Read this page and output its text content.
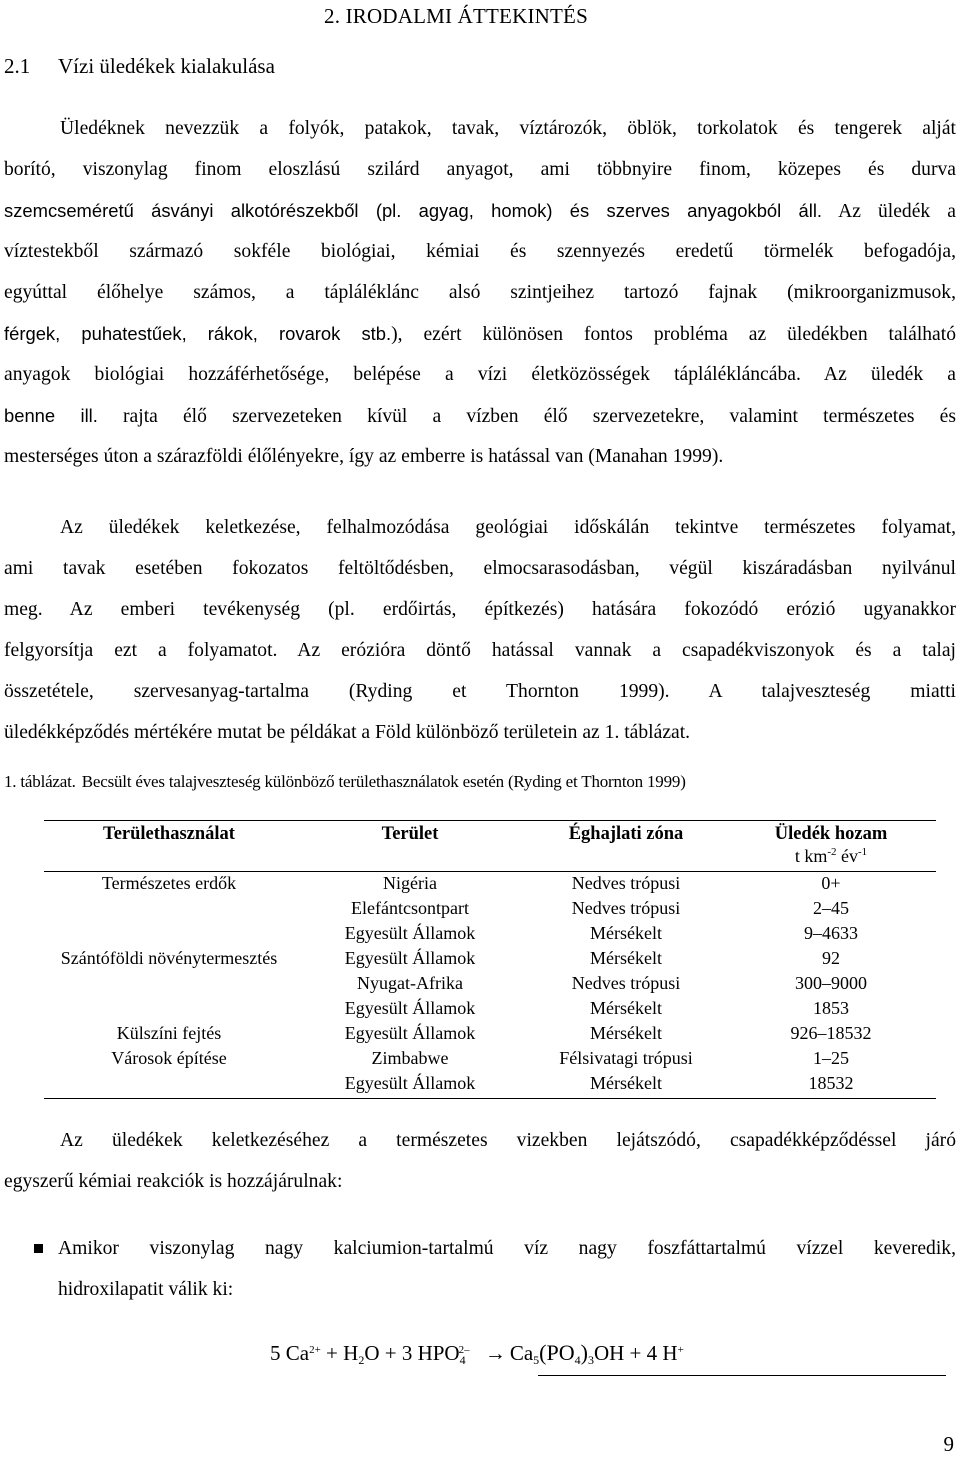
2. IRODALMI ÁTTEKINTÉS
2.1 Vízi üledékek kialakulása
Üledéknek nevezzük a folyók, patakok, tavak, víztározók, öblök, torkolatok és tengerek alját
borító, viszonylag finom eloszlású szilárd anyagot, ami többnyire finom, közepes és durva
szemcseméretű ásványi alkotórészekből (pl. agyag, homok) és szerves anyagokból áll. Az üledék a
víztestekből származó sokféle biológiai, kémiai és szennyezés eredetű törmelék befogadója,
egyúttal élőhelye számos, a tápláléklánc alsó szintjeihez tartozó fajnak (mikroorganizmusok,
férgek, puhatestűek, rákok, rovarok stb.), ezért különösen fontos probléma az üledékben található
anyagok biológiai hozzáférhetősége, belépése a vízi életközösségek táplálékláncába. Az üledék a
benne ill. rajta élő szervezeteken kívül a vízben élő szervezetekre, valamint természetes és
mesterséges úton a szárazföldi élőlényekre, így az emberre is hatással van (Manahan 1999).
Az üledékek keletkezése, felhalmozódása geológiai időskálán tekintve természetes folyamat,
ami tavak esetében fokozatos feltöltődésben, elmocsarasodásban, végül kiszáradásban nyilvánul
meg. Az emberi tevékenység (pl. erdőirtás, építkezés) hatására fokozódó erózió ugyanakkor
felgyorsítja ezt a folyamatot. Az erózióra döntő hatással vannak a csapadékviszonyok és a talaj
összetétele, szervesanyag-tartalma (Ryding et Thornton 1999). A talajveszteség miatti
üledékképződés mértékére mutat be példákat a Föld különböző területein az 1. táblázat.
1. táblázat. Becsült éves talajveszteség különböző területhasználatok esetén (Ryding et Thornton 1999)
Területhasználat	Terület	Éghajlati zóna	Üledék hozam
			t $km^{-2}$ $év^{-1}$
Természetes erdők	Nigéria	Nedves trópusi	0+
	Elefántcsontpart	Nedves trópusi	2–45
	Egyesült Államok	Mérsékelt	9–4633
Szántóföldi növénytermesztés	Egyesült Államok	Mérsékelt	92
	Nyugat-Afrika	Nedves trópusi	300–9000
	Egyesült Államok	Mérsékelt	1853
Külszíni fejtés	Egyesült Államok	Mérsékelt	926–18532
Városok építése	Zimbabwe	Félsivatagi trópusi	1–25
	Egyesült Államok	Mérsékelt	18532
Az üledékek keletkezéséhez a természetes vizekben lejátszódó, csapadékképződéssel járó
egyszerű kémiai reakciók is hozzájárulnak:
Amikor viszonylag nagy kalciumion-tartalmú víz nagy foszfáttartalmú vízzel keveredik,
hidroxilapatit válik ki:
5 $Ca^{2+} + H_2O + 3$ $HPO_4^{2-} \to Ca_5(PO_4)_3OH + 4$ H+
9
